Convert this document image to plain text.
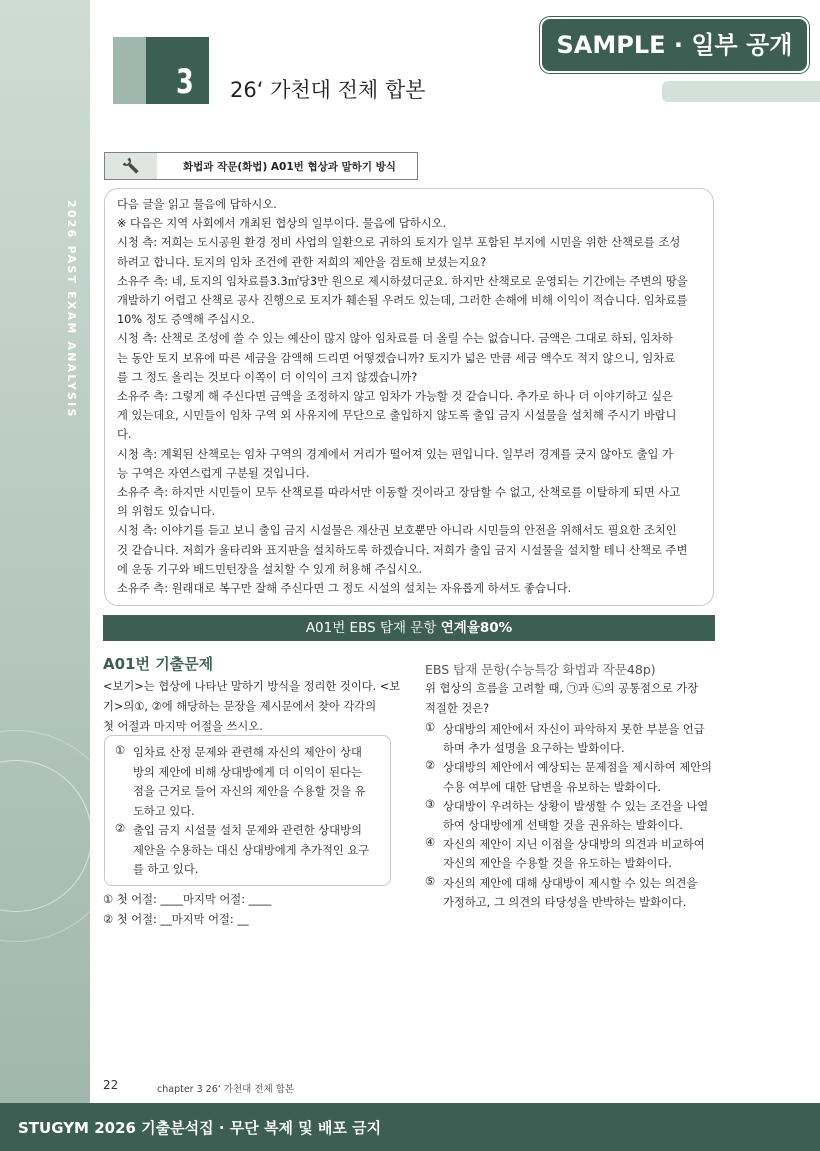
2026 PAST EXAM ANALYSIS
3 26‘ 가천대 전체 합본
SAMPLE · 일부 공개
화법과 작문(화법) A01번 협상과 말하기 방식
다음 글을 읽고 물음에 답하시오.
※ 다음은 지역 사회에서 개최된 협상의 일부이다. 물음에 답하시오.
시청 측: 저희는 도시공원 환경 정비 사업의 일환으로 귀하의 토지가 일부 포함된 부지에 시민을 위한 산책로를 조성
하려고 합니다. 토지의 임차 조건에 관한 저희의 제안을 검토해 보셨는지요?
소유주 측: 네, 토지의 임차료를3.3㎡당3만 원으로 제시하셨더군요. 하지만 산책로로 운영되는 기간에는 주변의 땅을
개발하기 어렵고 산책로 공사 진행으로 토지가 훼손될 우려도 있는데, 그러한 손해에 비해 이익이 적습니다. 임차료를
10% 정도 증액해 주십시오.
시청 측: 산책로 조성에 쓸 수 있는 예산이 많지 않아 임차료를 더 올릴 수는 없습니다. 금액은 그대로 하되, 임차하
는 동안 토지 보유에 따른 세금을 감액해 드리면 어떻겠습니까? 토지가 넓은 만큼 세금 액수도 적지 않으니, 임차료
를 그 정도 올리는 것보다 이쪽이 더 이익이 크지 않겠습니까?
소유주 측: 그렇게 해 주신다면 금액을 조정하지 않고 임차가 가능할 것 같습니다. 추가로 하나 더 이야기하고 싶은
게 있는데요, 시민들이 임차 구역 외 사유지에 무단으로 출입하지 않도록 출입 금지 시설물을 설치해 주시기 바랍니
다.
시청 측: 계획된 산책로는 임차 구역의 경계에서 거리가 떨어져 있는 편입니다. 일부러 경계를 긋지 않아도 출입 가
능 구역은 자연스럽게 구분될 것입니다.
소유주 측: 하지만 시민들이 모두 산책로를 따라서만 이동할 것이라고 장담할 수 없고, 산책로를 이탈하게 되면 사고
의 위험도 있습니다.
시청 측: 이야기를 듣고 보니 출입 금지 시설물은 재산권 보호뿐만 아니라 시민들의 안전을 위해서도 필요한 조치인
것 같습니다. 저희가 울타리와 표지판을 설치하도록 하겠습니다. 저희가 출입 금지 시설물을 설치할 테니 산책로 주변
에 운동 기구와 배드민턴장을 설치할 수 있게 허용해 주십시오.
소유주 측: 원래대로 복구만 잘해 주신다면 그 정도 시설의 설치는 자유롭게 하셔도 좋습니다.
A01번 EBS 탑재 문항 연계율80%
A01번 기출문제
<보기>는 협상에 나타난 말하기 방식을 정리한 것이다. <보
기>의①, ②에 해당하는 문장을 제시문에서 찾아 각각의
첫 어절과 마지막 어절을 쓰시오.
① 임차료 산정 문제와 관련해 자신의 제안이 상대
방의 제안에 비해 상대방에게 더 이익이 된다는
점을 근거로 들어 자신의 제안을 수용할 것을 유
도하고 있다.
② 출입 금지 시설물 설치 문제와 관련한 상대방의
제안을 수용하는 대신 상대방에게 추가적인 요구
를 하고 있다.
① 첫 어절: ____마지막 어절: ____
② 첫 어절: __마지막 어절: __
EBS 탑재 문항(수능특강 화법과 작문48p)
위 협상의 흐름을 고려할 때, ㉠과 ㉡의 공통점으로 가장
적절한 것은?
① 상대방의 제안에서 자신이 파악하지 못한 부분을 언급
하며 추가 설명을 요구하는 발화이다.
② 상대방의 제안에서 예상되는 문제점을 제시하여 제안의
수용 여부에 대한 답변을 유보하는 발화이다.
③ 상대방이 우려하는 상황이 발생할 수 있는 조건을 나열
하여 상대방에게 선택할 것을 권유하는 발화이다.
④ 자신의 제안이 지닌 이점을 상대방의 의견과 비교하여
자신의 제안을 수용할 것을 유도하는 발화이다.
⑤ 자신의 제안에 대해 상대방이 제시할 수 있는 의견을
가정하고, 그 의견의 타당성을 반박하는 발화이다.
22	chapter 3 26‘ 가천대 전체 합본
STUGYM 2026 기출분석집 · 무단 복제 및 배포 금지
